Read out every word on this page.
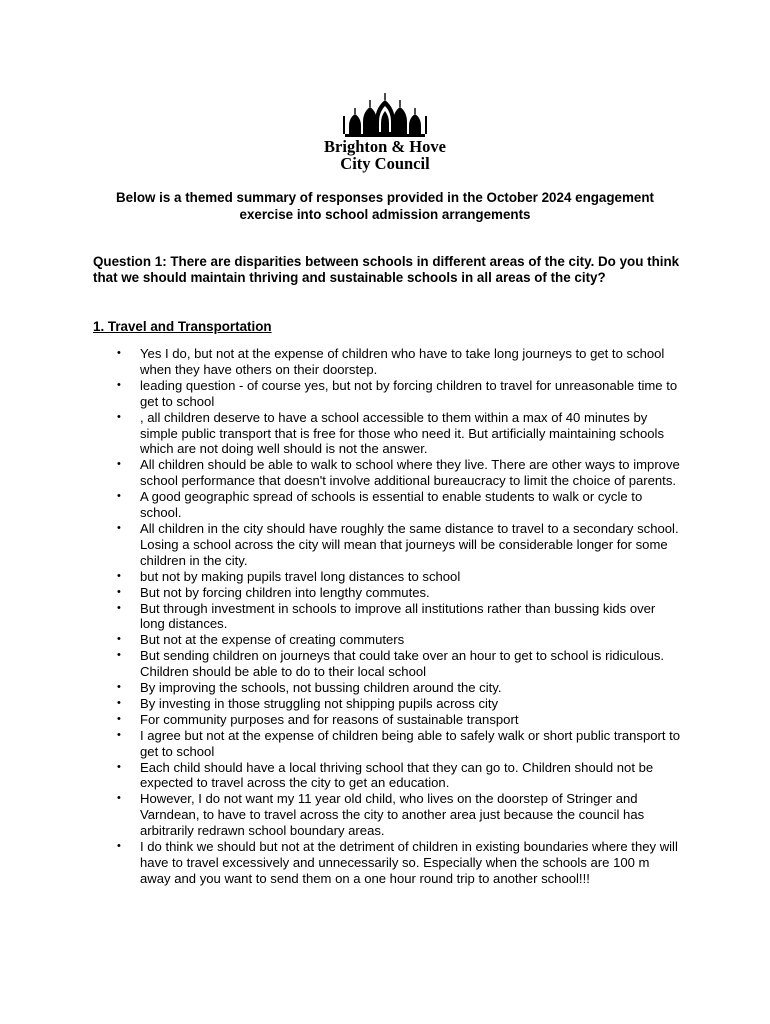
Brighton & Hove
City Council
Below is a themed summary of responses provided in the October 2024 engagement
exercise into school admission arrangements
Question 1: There are disparities between schools in different areas of the city. Do you think that we should maintain thriving and sustainable schools in all areas of the city?
1. Travel and Transportation
• Yes I do, but not at the expense of children who have to take long journeys to get to school when they have others on their doorstep.
• leading question - of course yes, but not by forcing children to travel for unreasonable time to get to school
• , all children deserve to have a school accessible to them within a max of 40 minutes by simple public transport that is free for those who need it. But artificially maintaining schools which are not doing well should is not the answer.
• All children should be able to walk to school where they live. There are other ways to improve school performance that doesn't involve additional bureaucracy to limit the choice of parents.
• A good geographic spread of schools is essential to enable students to walk or cycle to school.
• All children in the city should have roughly the same distance to travel to a secondary school. Losing a school across the city will mean that journeys will be considerable longer for some children in the city.
• but not by making pupils travel long distances to school
• But not by forcing children into lengthy commutes.
• But through investment in schools to improve all institutions rather than bussing kids over long distances.
• But not at the expense of creating commuters
• But sending children on journeys that could take over an hour to get to school is ridiculous. Children should be able to do to their local school
• By improving the schools, not bussing children around the city.
• By investing in those struggling not shipping pupils across city
• For community purposes and for reasons of sustainable transport
• I agree but not at the expense of children being able to safely walk or short public transport to get to school
• Each child should have a local thriving school that they can go to. Children should not be expected to travel across the city to get an education.
• However, I do not want my 11 year old child, who lives on the doorstep of Stringer and Varndean, to have to travel across the city to another area just because the council has arbitrarily redrawn school boundary areas.
• I do think we should but not at the detriment of children in existing boundaries where they will have to travel excessively and unnecessarily so. Especially when the schools are 100 m away and you want to send them on a one hour round trip to another school!!!
